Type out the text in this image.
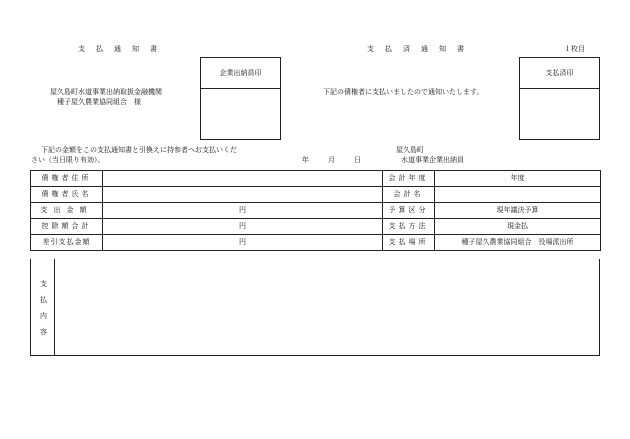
支　払　通　知　書	支　払　済　通　知　書	１枚目
企業出納員印	支払済印
屋久島町水道事業出納取扱金融機関
種子屋久農業協同組合　様
下記の債権者に支払いましたので通知いたします。
下記の金額をこの支払通知書と引換えに持参者へお支払いくだ
さい（当日限り有効）。	年	月	日
屋久島町
水道事業企業出納員
債権者住所		会計年度	年度
債権者氏名		会計名	
支出金額	円	予算区分	現年議決予算
控除額合計	円	支払方法	現金払
差引支払金額	円	支払場所	種子屋久農業協同組合　役場派出所
支
払
内
容
